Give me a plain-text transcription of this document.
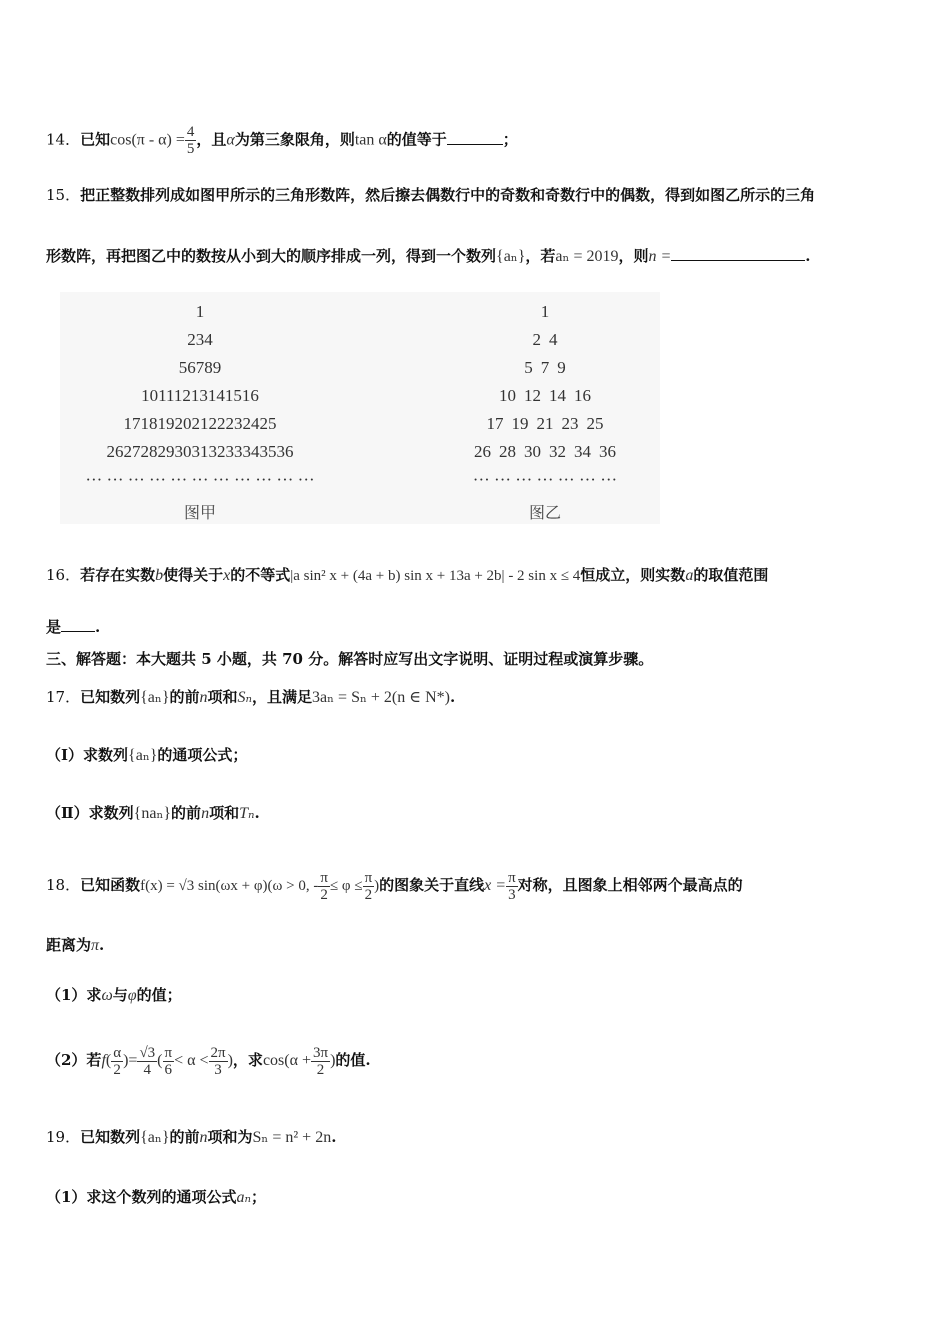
14．已知$\cos(\pi - \alpha) = \frac{4}{5}$ ，且α为第三象限角，则tan α的值等于	；
15．把正整数排列成如图甲所示的三角形数阵，然后擦去偶数行中的奇数和奇数行中的偶数，得到如图乙所示的三角
形数阵，再把图乙中的数按从小到大的顺序排成一列，得到一个数列{aₙ}，若aₙ = 2019，则n =	.
1
234
56789
10111213141516
171819202122232425
2627282930313233343536
··· ··· ··· ··· ··· ··· ··· ··· ··· ··· ···
图甲
1
2 4
5 7 9
10 12 14 16
17 19 21 23 25
26 28 30 32 34 36
··· ··· ··· ··· ··· ··· ···
图乙
16．若存在实数b使得关于x的不等式|a sin² x + (4a + b) sin x + 13a + 2b| - 2 sin x ≤ 4恒成立，则实数a的取值范围
是 .
三、解答题：本大题共 5 小题，共 70 分。解答时应写出文字说明、证明过程或演算步骤。
17．已知数列{aₙ}的前n项和Sₙ，且满足3aₙ = Sₙ + 2(n ∈ N*).
（Ⅰ）求数列{aₙ}的通项公式；
（Ⅱ）求数列{naₙ}的前n项和Tₙ.
18．已知函数f(x) = √3 sin(ωx + φ)(ω > 0, - $\frac{\pi}{2} \le \varphi \le \frac{\pi}{2}$ )的图象关于直线$x = \frac{\pi}{3}$ 对称，且图象上相邻两个最高点的
距离为π.
（1）求ω与φ的值；
（2）若$f( \frac{\alpha}{2}$ )= $\frac{√3}{4}$ ( $\frac{\pi}{6} < \alpha < \frac{2\pi}{3}$ )，求$\cos(\alpha + \frac{3\pi}{2}$ )的值.
19．已知数列{aₙ}的前n项和为Sₙ = n² + 2n.
（1）求这个数列的通项公式aₙ；
